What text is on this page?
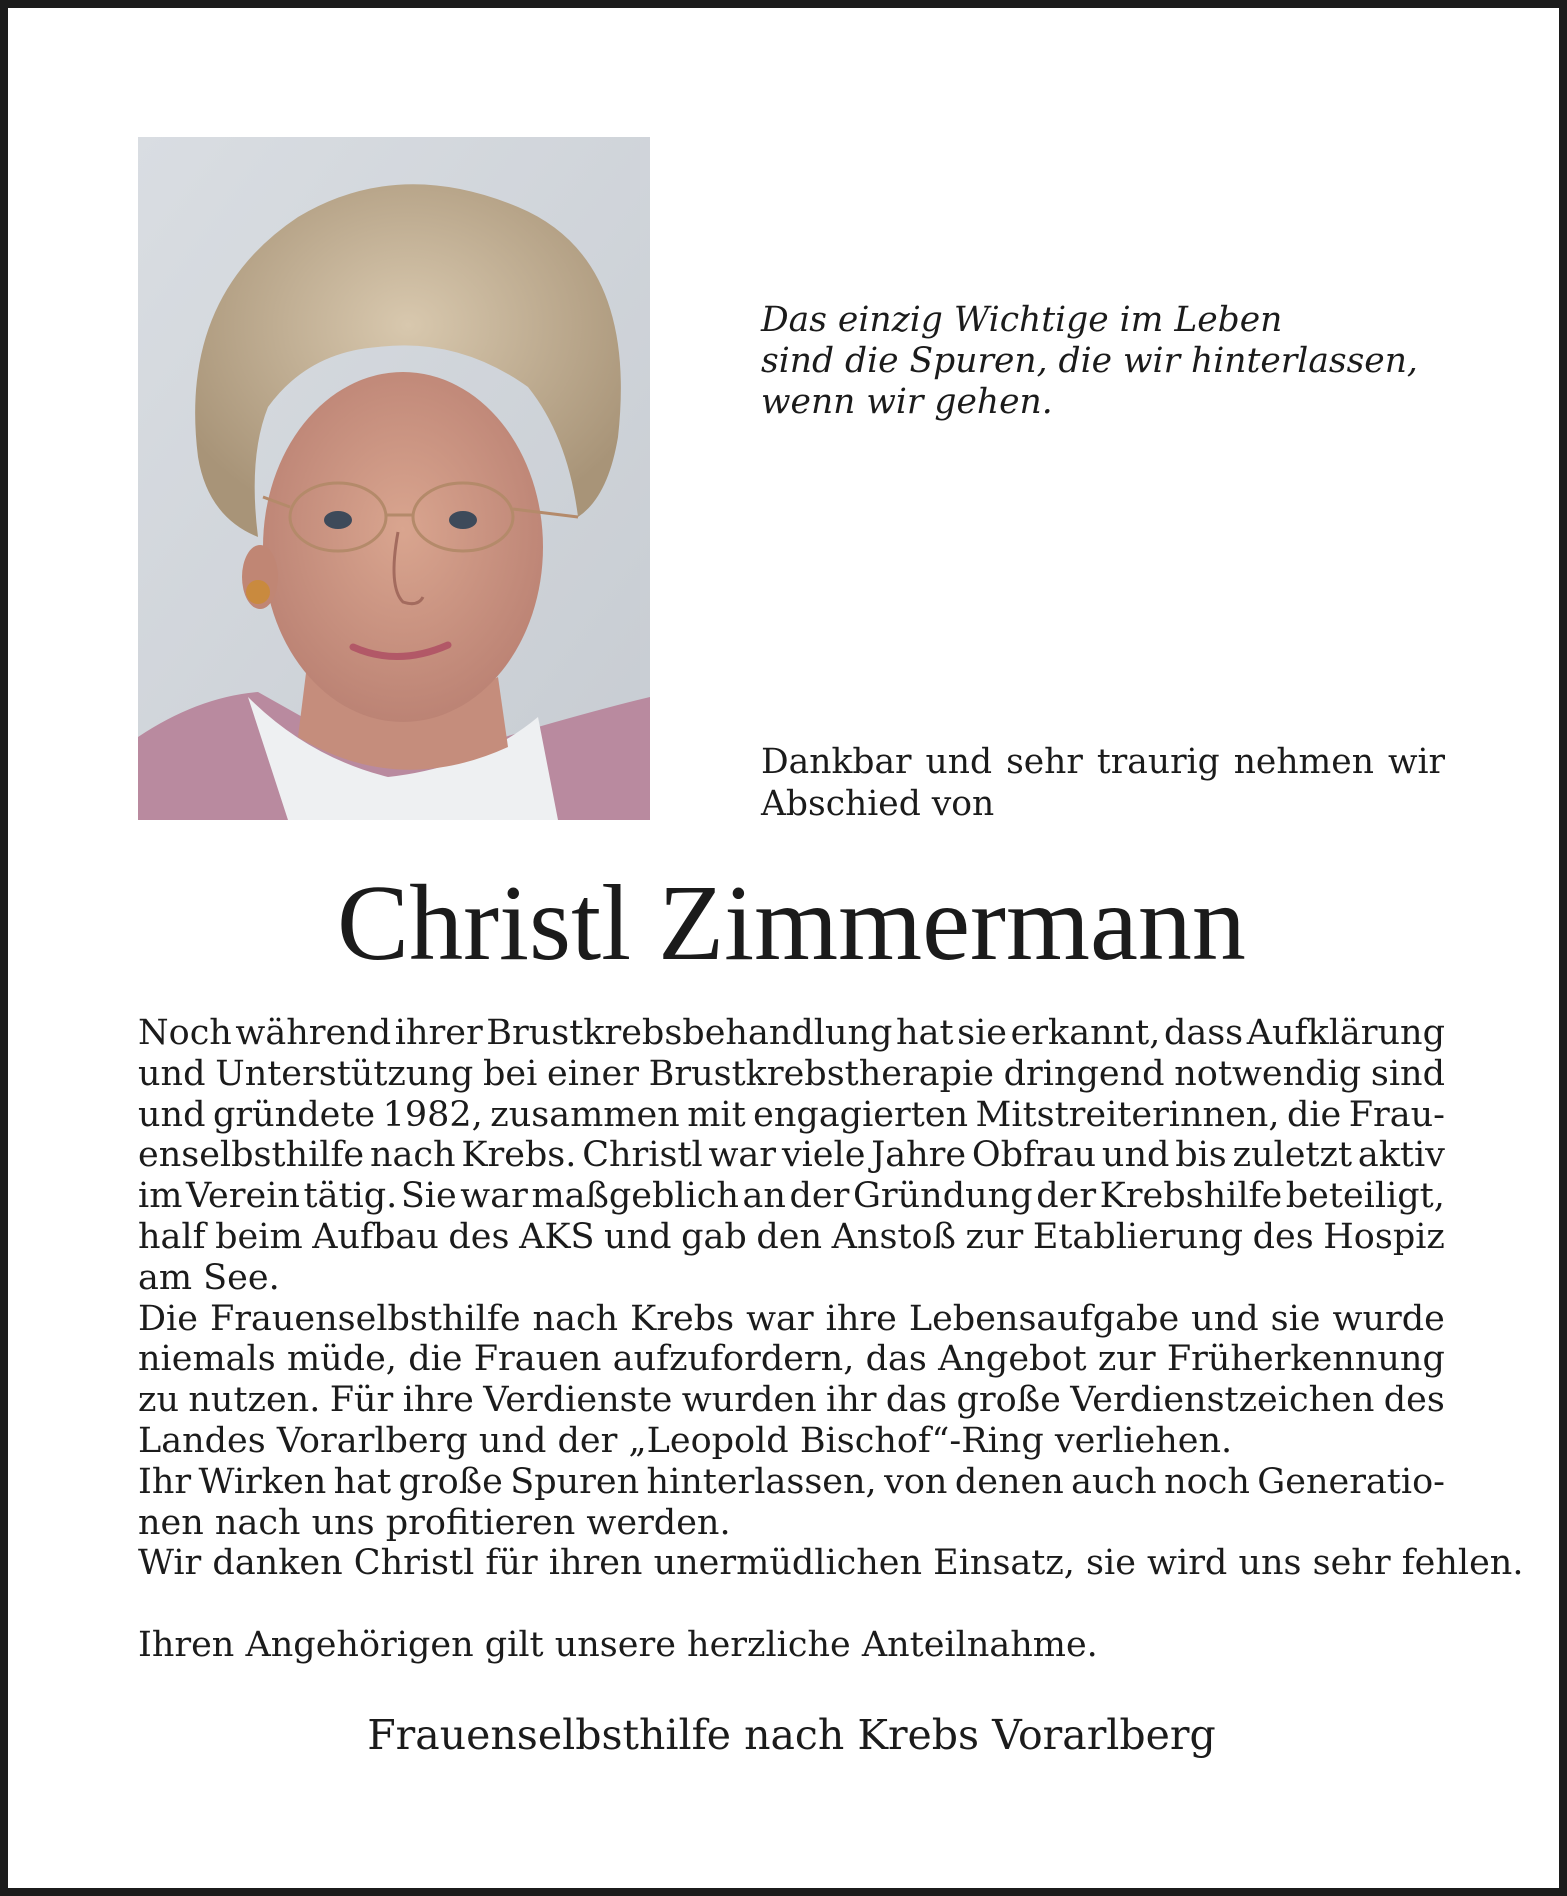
Das einzig Wichtige im Leben
sind die Spuren, die wir hinterlassen,
wenn wir gehen.
Dankbar und sehr traurig nehmen wir
Abschied von
Christl Zimmermann
Noch während ihrer Brustkrebsbehandlung hat sie erkannt, dass Aufklärung
und Unterstützung bei einer Brustkrebstherapie dringend notwendig sind
und gründete 1982, zusammen mit engagierten Mitstreiterinnen, die Frau-
enselbsthilfe nach Krebs. Christl war viele Jahre Obfrau und bis zuletzt aktiv
im Verein tätig. Sie war maßgeblich an der Gründung der Krebshilfe beteiligt,
half beim Aufbau des AKS und gab den Anstoß zur Etablierung des Hospiz
am See.
Die Frauenselbsthilfe nach Krebs war ihre Lebensaufgabe und sie wurde
niemals müde, die Frauen aufzufordern, das Angebot zur Früherkennung
zu nutzen. Für ihre Verdienste wurden ihr das große Verdienstzeichen des
Landes Vorarlberg und der „Leopold Bischof“-Ring verliehen.
Ihr Wirken hat große Spuren hinterlassen, von denen auch noch Generatio-
nen nach uns profitieren werden.
Wir danken Christl für ihren unermüdlichen Einsatz, sie wird uns sehr fehlen.
Ihren Angehörigen gilt unsere herzliche Anteilnahme.
Frauenselbsthilfe nach Krebs Vorarlberg
